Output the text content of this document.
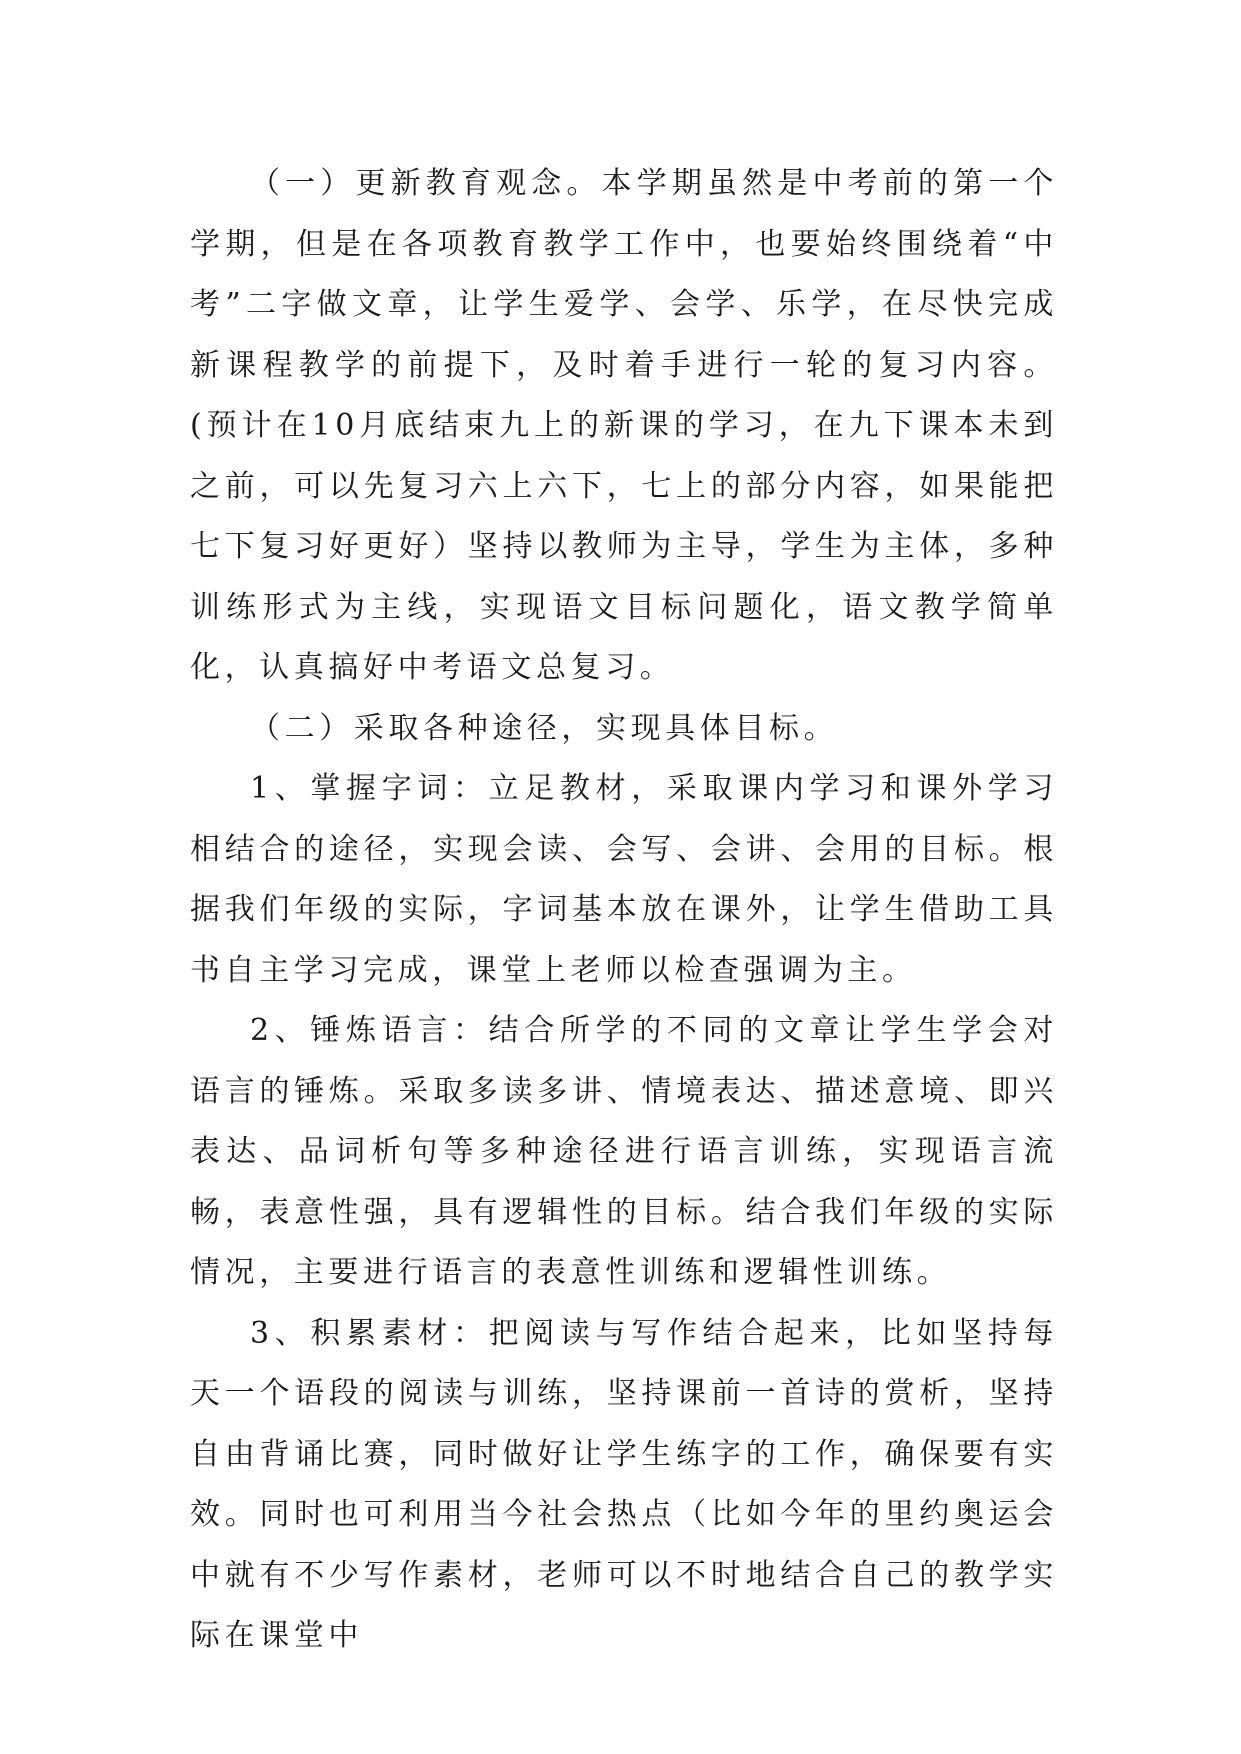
（一）更新教育观念。本学期虽然是中考前的第一个学期，但是在各项教育教学工作中，也要始终围绕着“中考”二字做文章，让学生爱学、会学、乐学，在尽快完成新课程教学的前提下，及时着手进行一轮的复习内容。(预计在10月底结束九上的新课的学习，在九下课本未到之前，可以先复习六上六下，七上的部分内容，如果能把七下复习好更好）坚持以教师为主导，学生为主体，多种训练形式为主线，实现语文目标问题化，语文教学简单化，认真搞好中考语文总复习。

（二）采取各种途径，实现具体目标。

1、掌握字词：立足教材，采取课内学习和课外学习相结合的途径，实现会读、会写、会讲、会用的目标。根据我们年级的实际，字词基本放在课外，让学生借助工具书自主学习完成，课堂上老师以检查强调为主。

2、锤炼语言：结合所学的不同的文章让学生学会对语言的锤炼。采取多读多讲、情境表达、描述意境、即兴表达、品词析句等多种途径进行语言训练，实现语言流畅，表意性强，具有逻辑性的目标。结合我们年级的实际情况，主要进行语言的表意性训练和逻辑性训练。

3、积累素材：把阅读与写作结合起来，比如坚持每天一个语段的阅读与训练，坚持课前一首诗的赏析，坚持自由背诵比赛，同时做好让学生练字的工作，确保要有实效。同时也可利用当今社会热点（比如今年的里约奥运会中就有不少写作素材，老师可以不时地结合自己的教学实际在课堂中
